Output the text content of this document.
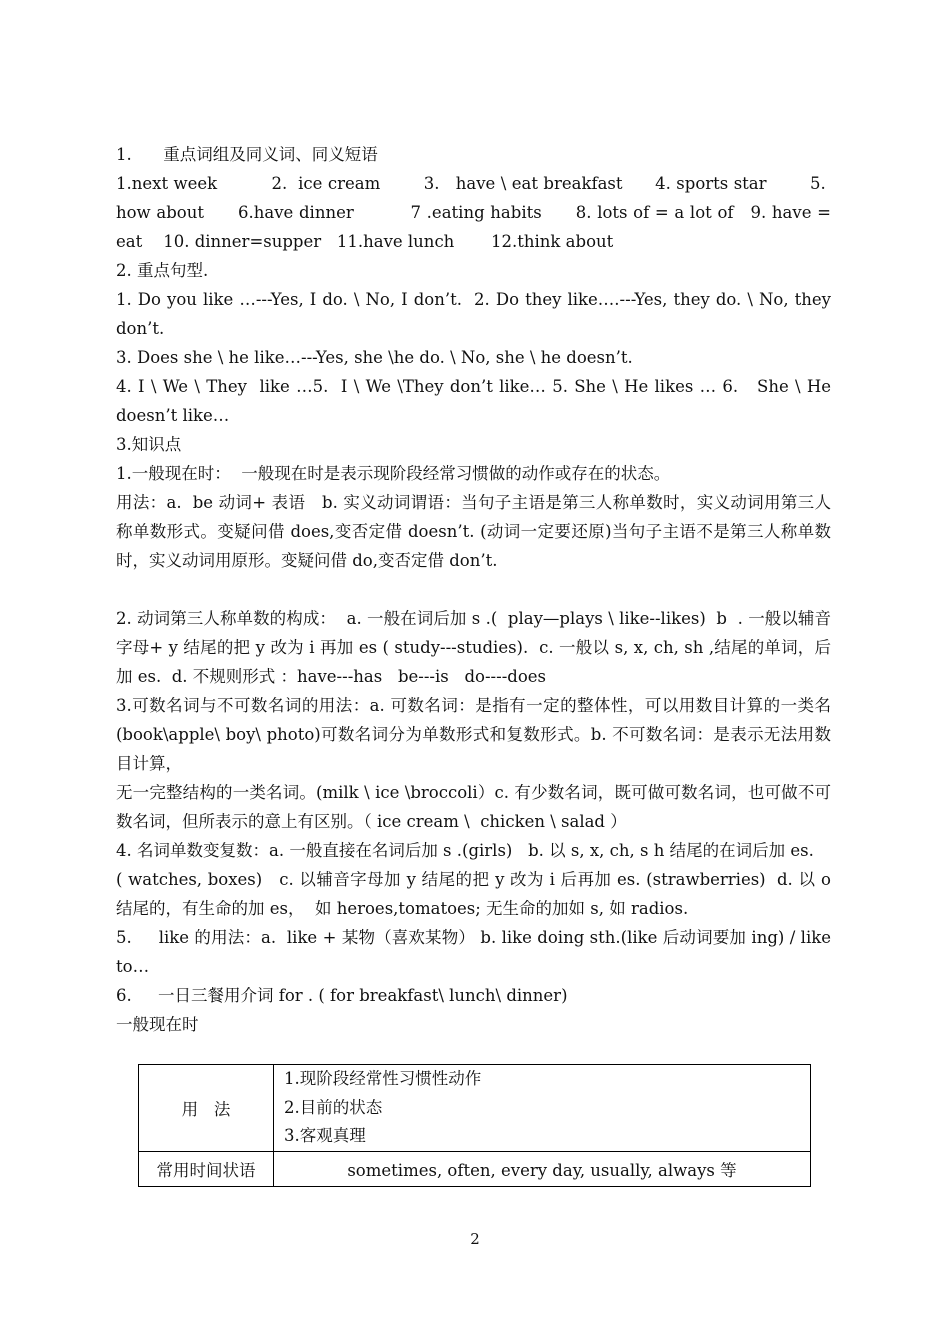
1.      重点词组及同义词、同义短语

1.next week          2.  ice cream        3.   have \ eat breakfast      4. sports star        5.  how about      6.have dinner          7 .eating habits      8. lots of = a lot of   9. have = eat    10. dinner=supper   11.have lunch       12.think about

2. 重点句型.

1. Do you like …---Yes, I do. \ No, I don’t.  2. Do they like….---Yes, they do. \ No, they don’t.

3. Does she \ he like…---Yes, she \he do. \ No, she \ he doesn’t.

4. I \ We \ They  like …5.  I \ We \They don’t like… 5. She \ He likes … 6.   She \ He doesn’t like…

3.知识点

1.一般现在时：  一般现在时是表示现阶段经常习惯做的动作或存在的状态。

用法：a.  be 动词+ 表语   b. 实义动词谓语：当句子主语是第三人称单数时，实义动词用第三人称单数形式。变疑问借 does,变否定借 doesn’t. (动词一定要还原)当句子主语不是第三人称单数时，实义动词用原形。变疑问借 do,变否定借 don’t.

2. 动词第三人称单数的构成：  a. 一般在词后加 s .(  play—plays \ like--likes)  b  . 一般以辅音字母+ y 结尾的把 y 改为 i 再加 es ( study---studies).  c. 一般以 s, x, ch, sh ,结尾的单词，后加 es.  d. 不规则形式 ：have---has   be---is   do----does

3.可数名词与不可数名词的用法：a. 可数名词：是指有一定的整体性，可以用数目计算的一类名(book\apple\ boy\ photo)可数名词分为单数形式和复数形式。b. 不可数名词：是表示无法用数目计算，

无一完整结构的一类名词。(milk \ ice \broccoli）c. 有少数名词，既可做可数名词，也可做不可数名词，但所表示的意上有区别。（ ice cream \  chicken \ salad ）

4. 名词单数变复数：a. 一般直接在名词后加 s .(girls)   b. 以 s, x, ch, s h 结尾的在词后加 es.

( watches, boxes)   c. 以辅音字母加 y 结尾的把 y 改为 i 后再加 es. (strawberries)  d. 以 o 结尾的，有生命的加 es，  如 heroes,tomatoes; 无生命的加如 s, 如 radios.

5.     like 的用法：a.  like + 某物（喜欢某物） b. like doing sth.(like 后动词要加 ing) / like to…

6.     一日三餐用介词 for . ( for breakfast\ lunch\ dinner)

一般现在时

用   法	1.现阶段经常性习惯性动作
2.目前的状态
3.客观真理

常用时间状语	sometimes, often, every day, usually, always 等
2
